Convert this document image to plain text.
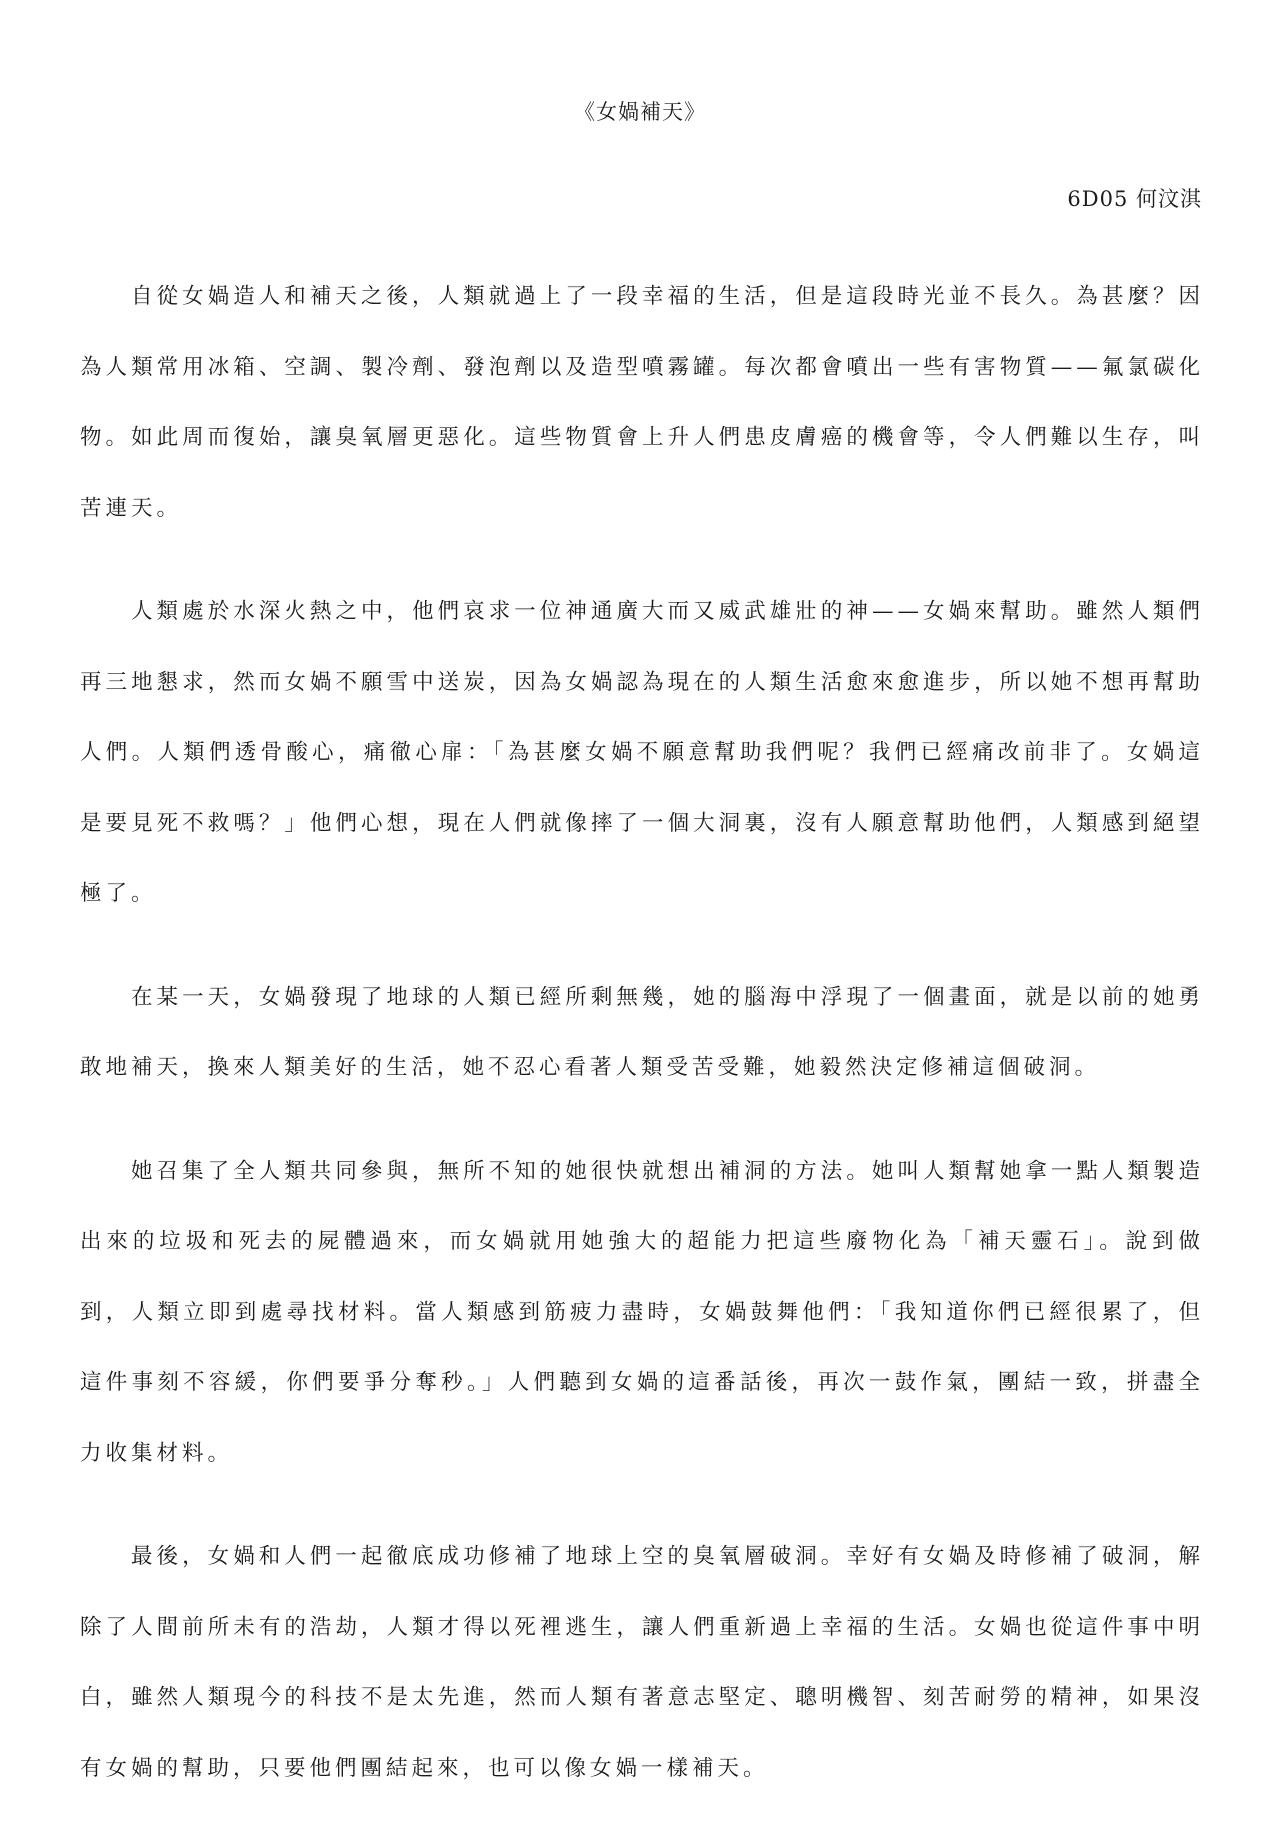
《女媧補天》
6D05 何汶淇

自從女媧造人和補天之後，人類就過上了一段幸福的生活，但是這段時光並不長久。為甚麼？因為人類常用冰箱、空調、製冷劑、發泡劑以及造型噴霧罐。每次都會噴出一些有害物質——氟氯碳化物。如此周而復始，讓臭氧層更惡化。這些物質會上升人們患皮膚癌的機會等，令人們難以生存，叫苦連天。

人類處於水深火熱之中，他們哀求一位神通廣大而又威武雄壯的神——女媧來幫助。雖然人類們再三地懇求，然而女媧不願雪中送炭，因為女媧認為現在的人類生活愈來愈進步，所以她不想再幫助人們。人類們透骨酸心，痛徹心扉：「為甚麼女媧不願意幫助我們呢？我們已經痛改前非了。女媧這是要見死不救嗎？」他們心想，現在人們就像摔了一個大洞裏，沒有人願意幫助他們，人類感到絕望極了。

在某一天，女媧發現了地球的人類已經所剩無幾，她的腦海中浮現了一個畫面，就是以前的她勇敢地補天，換來人類美好的生活，她不忍心看著人類受苦受難，她毅然決定修補這個破洞。

她召集了全人類共同參與，無所不知的她很快就想出補洞的方法。她叫人類幫她拿一點人類製造出來的垃圾和死去的屍體過來，而女媧就用她強大的超能力把這些廢物化為「補天靈石」。說到做到，人類立即到處尋找材料。當人類感到筋疲力盡時，女媧鼓舞他們：「我知道你們已經很累了，但這件事刻不容緩，你們要爭分奪秒。」人們聽到女媧的這番話後，再次一鼓作氣，團結一致，拼盡全力收集材料。

最後，女媧和人們一起徹底成功修補了地球上空的臭氧層破洞。幸好有女媧及時修補了破洞，解除了人間前所未有的浩劫，人類才得以死裡逃生，讓人們重新過上幸福的生活。女媧也從這件事中明白，雖然人類現今的科技不是太先進，然而人類有著意志堅定、聰明機智、刻苦耐勞的精神，如果沒有女媧的幫助，只要他們團結起來，也可以像女媧一樣補天。
